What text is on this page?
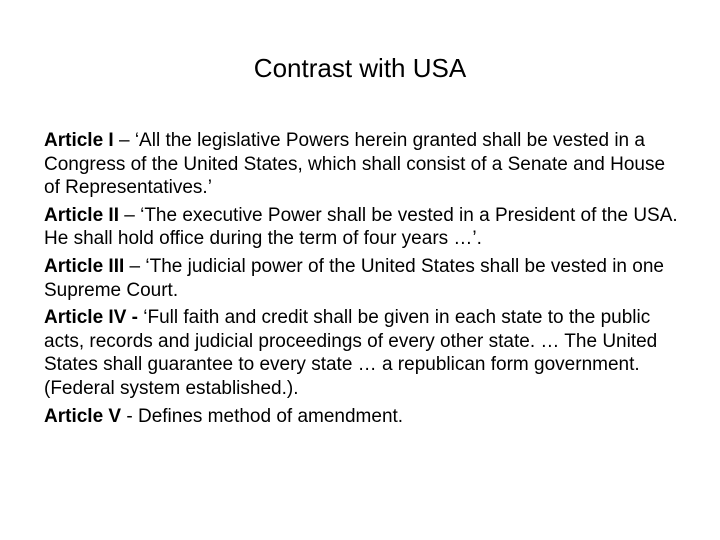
Contrast with USA

Article I – ‘All the legislative Powers herein granted shall be vested in a Congress of the United States, which shall consist of a Senate and House of Representatives.’

Article II – ‘The executive Power shall be vested in a President of the USA. He shall hold office during the term of four years …’.

Article III – ‘The judicial power of the United States shall be vested in one Supreme Court.

Article IV - ‘Full faith and credit shall be given in each state to the public acts, records and judicial proceedings of every other state. … The United States shall guarantee to every state … a republican form government. (Federal system established.).

Article V - Defines method of amendment.
